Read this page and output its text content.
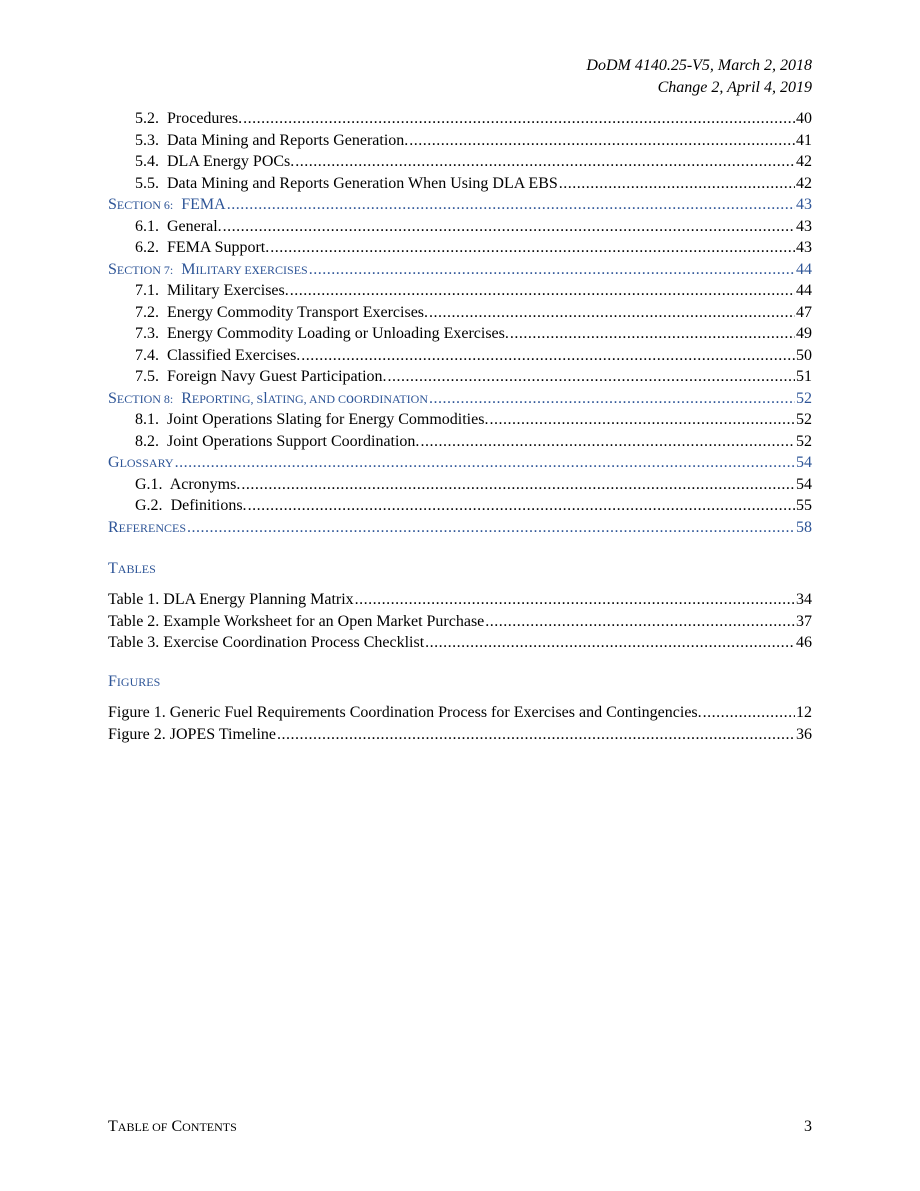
DoDM 4140.25-V5, March 2, 2018
Change 2, April 4, 2019
5.2. Procedures. .....	40
5.3. Data Mining and Reports Generation. .....	41
5.4. DLA Energy POCs. .....	42
5.5. Data Mining and Reports Generation When Using DLA EBS .....	42
SECTION 6: FEMA .....	43
6.1. General. .....	43
6.2. FEMA Support. .....	43
SECTION 7: MILITARY ExERCISES .....	44
7.1. Military Exercises. .....	44
7.2. Energy Commodity Transport Exercises. .....	47
7.3. Energy Commodity Loading or Unloading Exercises. .....	49
7.4. Classified Exercises. .....	50
7.5. Foreign Navy Guest Participation. .....	51
SECTION 8: REPORTING, SlATING, AND CoORDINATION .....	52
8.1. Joint Operations Slating for Energy Commodities. .....	52
8.2. Joint Operations Support Coordination. .....	52
GLOSSARY .....	54
G.1. Acronyms. .....	54
G.2. Definitions. .....	55
REFERENCES .....	58
TABLES
Table 1. DLA Energy Planning Matrix .....	34
Table 2. Example Worksheet for an Open Market Purchase .....	37
Table 3. Exercise Coordination Process Checklist .....	46
FIGURES
Figure 1. Generic Fuel Requirements Coordination Process for Exercises and Contingencies. .....	12
Figure 2. JOPES Timeline .....	36
TABLE OF CONTENTS	3
